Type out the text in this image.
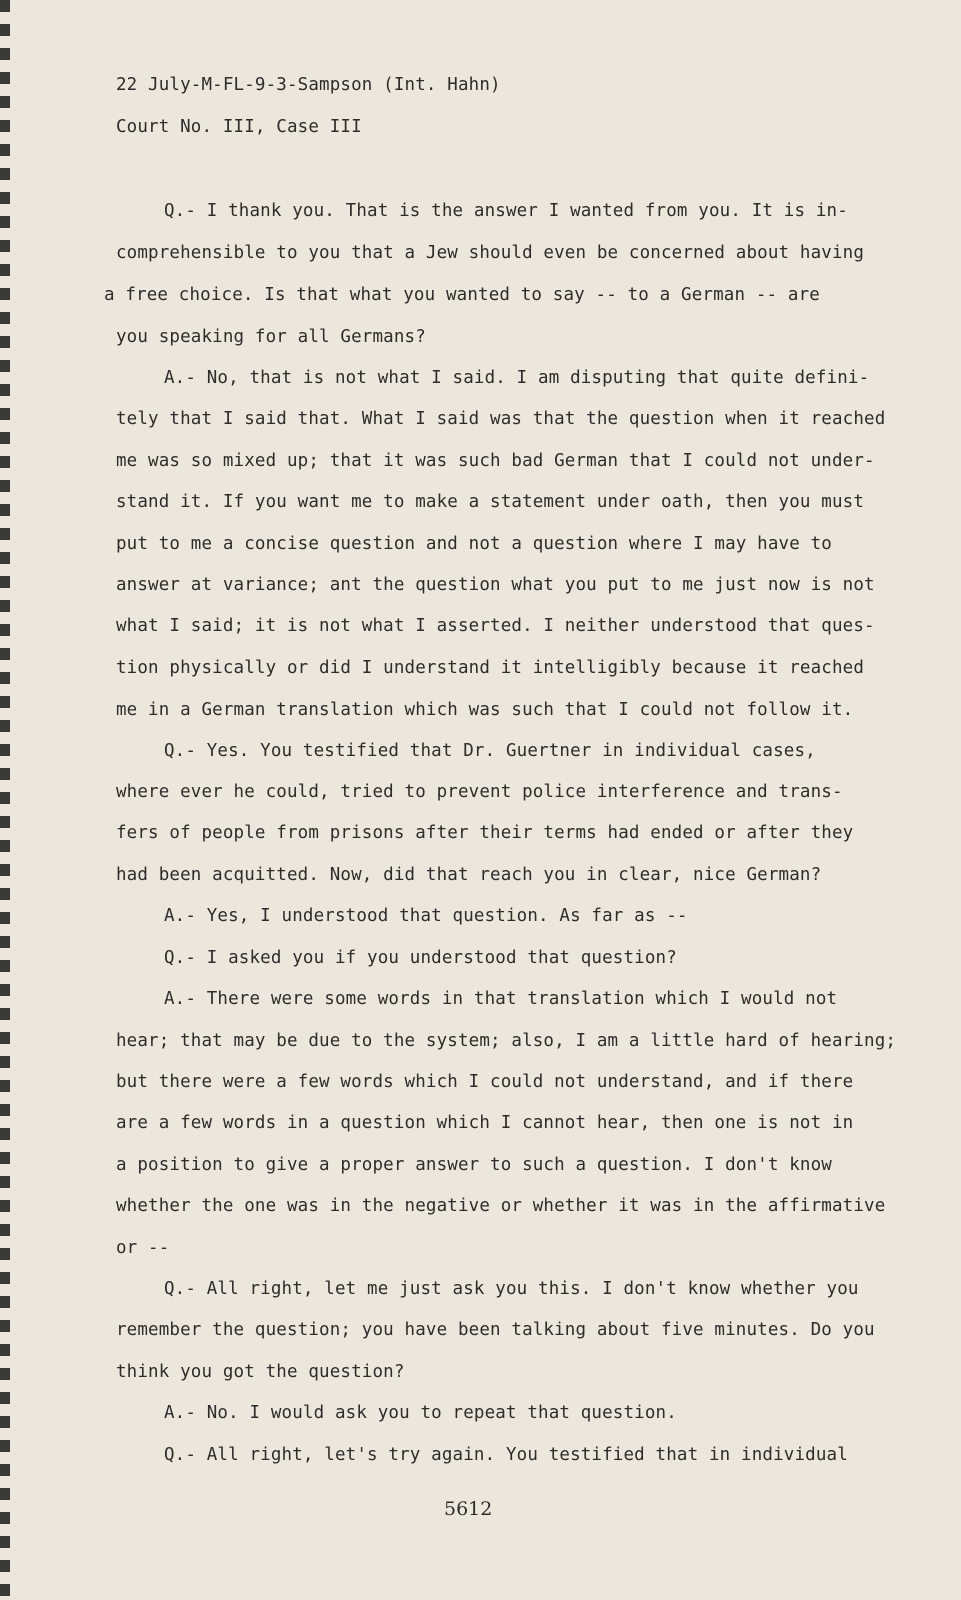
22 July-M-FL-9-3-Sampson (Int. Hahn)
Court No. III, Case III
Q.- I thank you. That is the answer I wanted from you. It is in-
comprehensible to you that a Jew should even be concerned about having
a free choice. Is that what you wanted to say -- to a German -- are
you speaking for all Germans?
A.- No, that is not what I said. I am disputing that quite defini-
tely that I said that. What I said was that the question when it reached
me was so mixed up; that it was such bad German that I could not under-
stand it. If you want me to make a statement under oath, then you must
put to me a concise question and not a question where I may have to
answer at variance; ant the question what you put to me just now is not
what I said; it is not what I asserted. I neither understood that ques-
tion physically or did I understand it intelligibly because it reached
me in a German translation which was such that I could not follow it.
Q.- Yes. You testified that Dr. Guertner in individual cases,
where ever he could, tried to prevent police interference and trans-
fers of people from prisons after their terms had ended or after they
had been acquitted. Now, did that reach you in clear, nice German?
A.- Yes, I understood that question. As far as --
Q.- I asked you if you understood that question?
A.- There were some words in that translation which I would not
hear; that may be due to the system; also, I am a little hard of hearing;
but there were a few words which I could not understand, and if there
are a few words in a question which I cannot hear, then one is not in
a position to give a proper answer to such a question. I don't know
whether the one was in the negative or whether it was in the affirmative
or --
Q.- All right, let me just ask you this. I don't know whether you
remember the question; you have been talking about five minutes. Do you
think you got the question?
A.- No. I would ask you to repeat that question.
Q.- All right, let's try again. You testified that in individual
5612
